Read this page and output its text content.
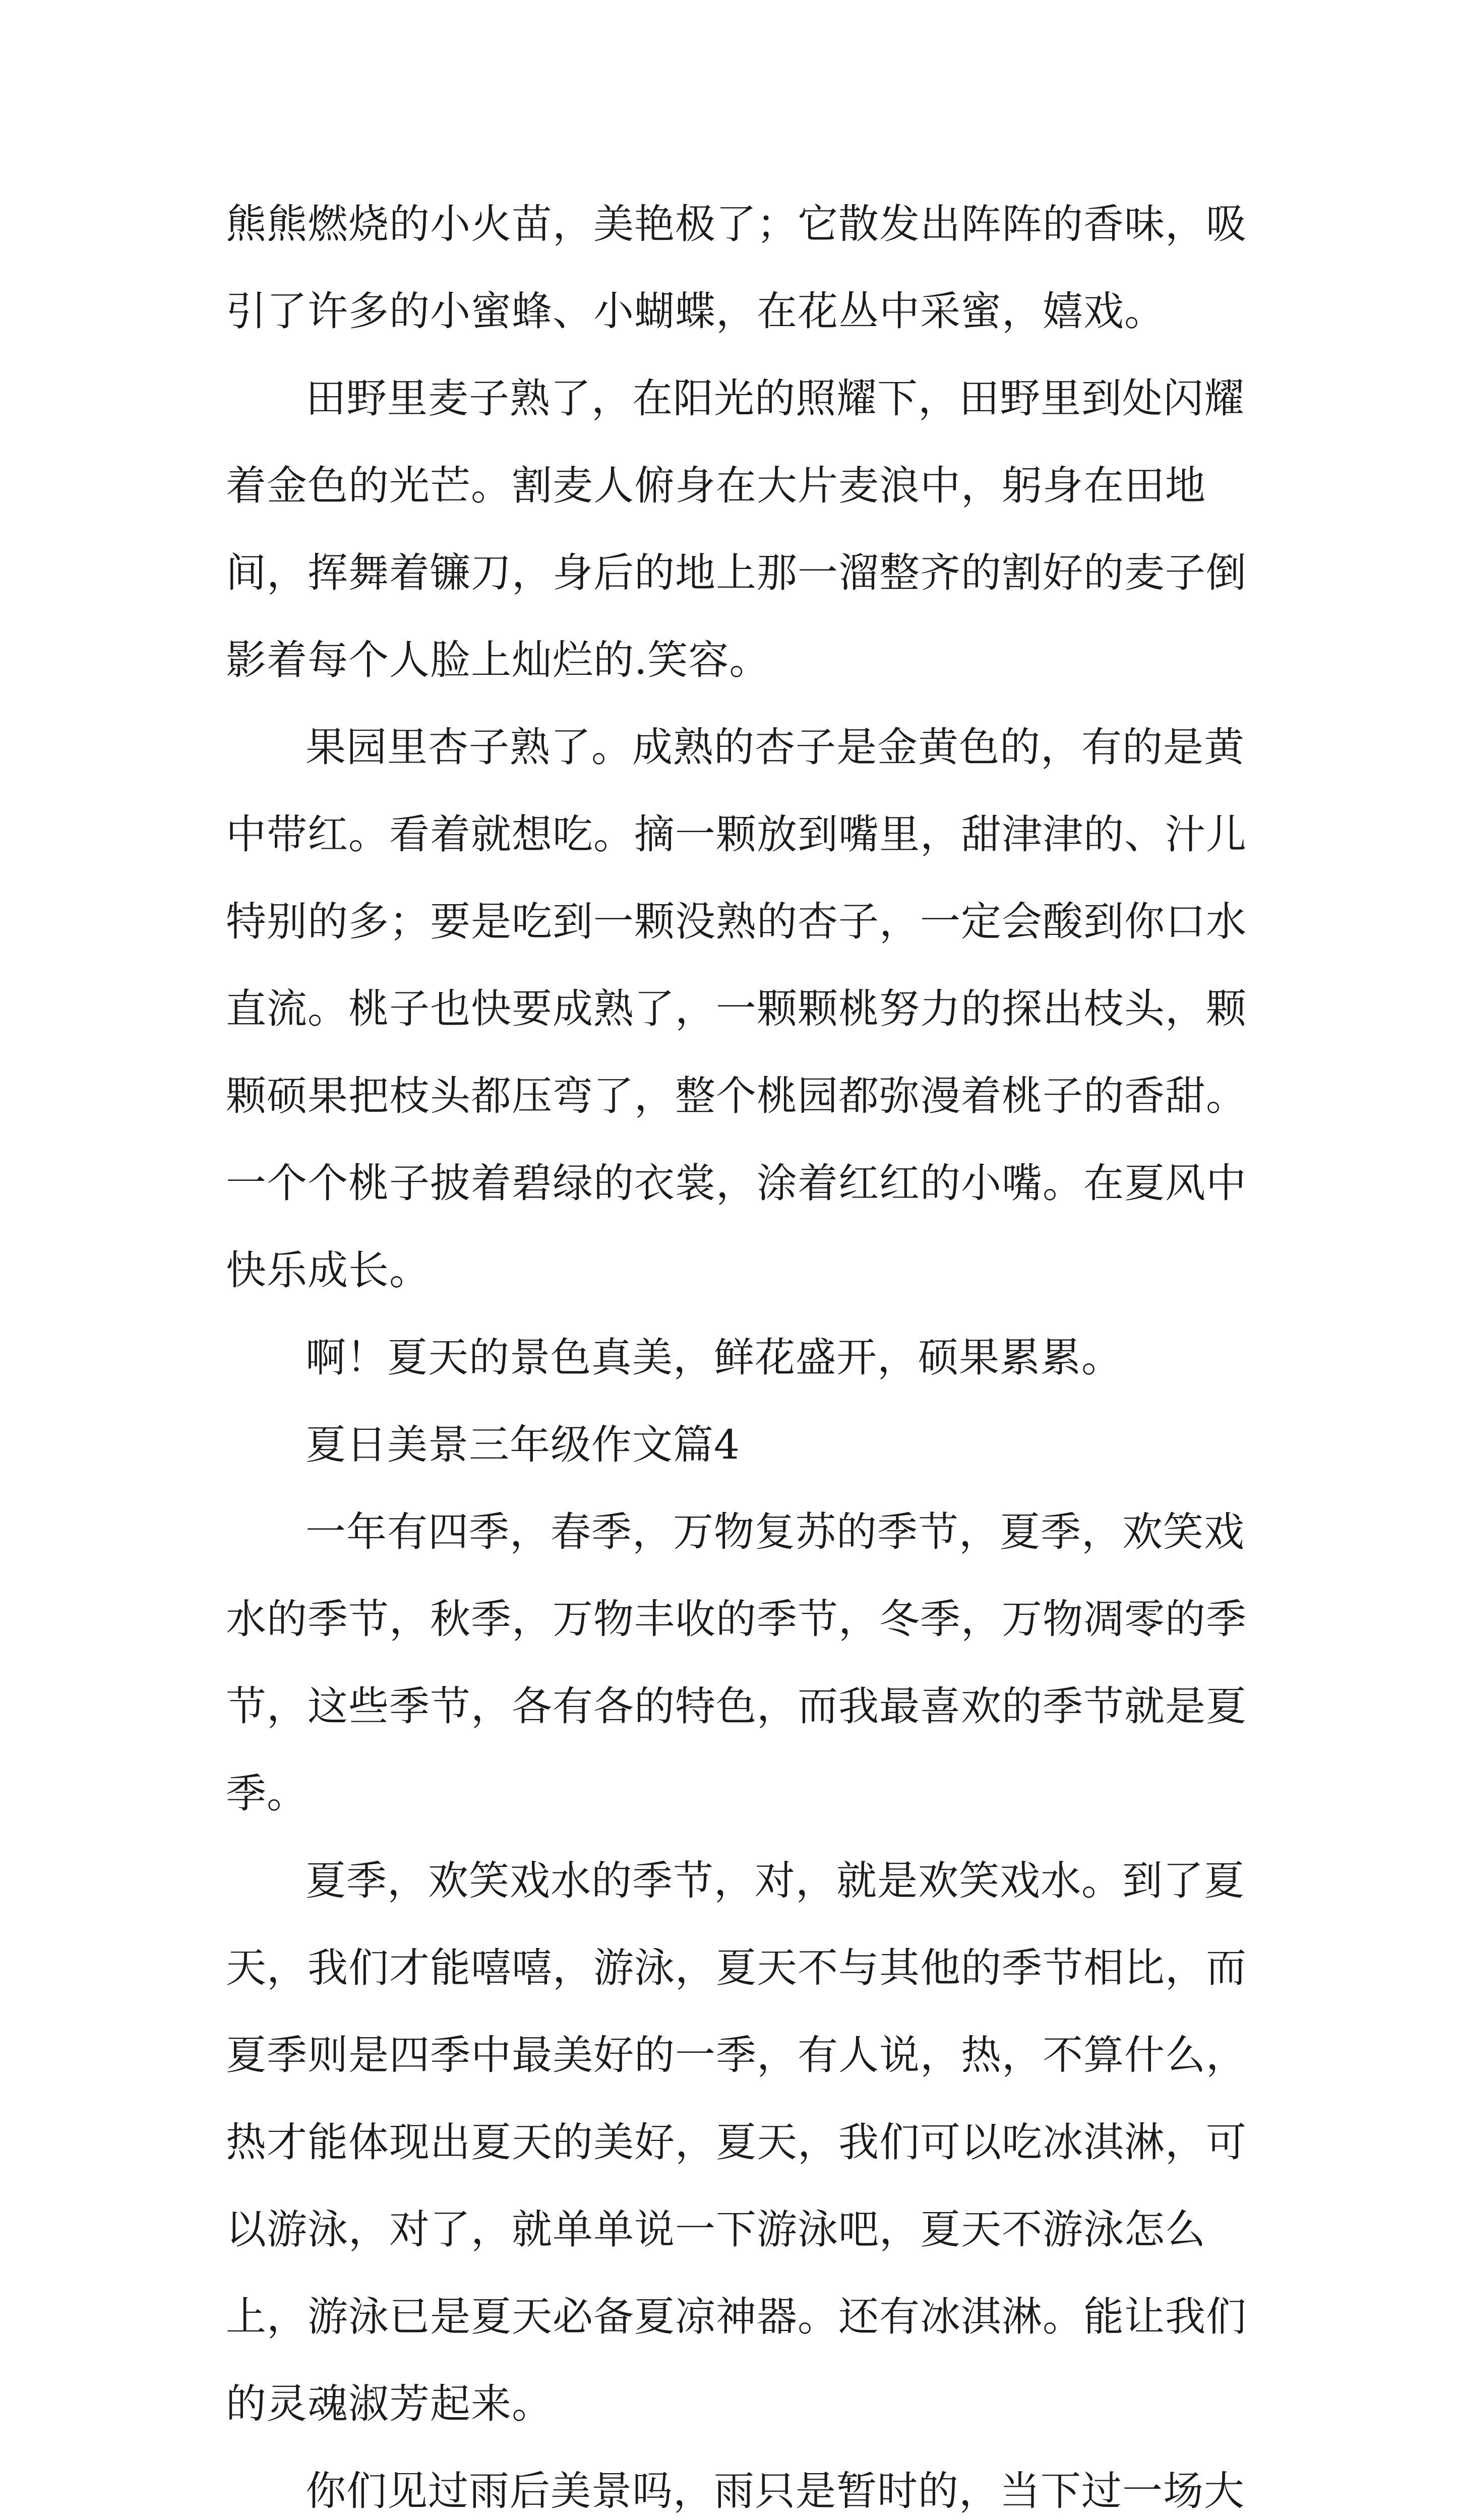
熊熊燃烧的小火苗，美艳极了；它散发出阵阵的香味，吸引了许多的小蜜蜂、小蝴蝶，在花丛中采蜜，嬉戏。

田野里麦子熟了，在阳光的照耀下，田野里到处闪耀着金色的光芒。割麦人俯身在大片麦浪中，躬身在田地间，挥舞着镰刀，身后的地上那一溜整齐的割好的麦子倒影着每个人脸上灿烂的.笑容。

果园里杏子熟了。成熟的杏子是金黄色的，有的是黄中带红。看着就想吃。摘一颗放到嘴里，甜津津的、汁儿特别的多；要是吃到一颗没熟的杏子，一定会酸到你口水直流。桃子也快要成熟了，一颗颗桃努力的探出枝头，颗颗硕果把枝头都压弯了，整个桃园都弥漫着桃子的香甜。一个个桃子披着碧绿的衣裳，涂着红红的小嘴。在夏风中快乐成长。

啊！夏天的景色真美，鲜花盛开，硕果累累。

夏日美景三年级作文篇4

一年有四季，春季，万物复苏的季节，夏季，欢笑戏水的季节，秋季，万物丰收的季节，冬季，万物凋零的季节，这些季节，各有各的特色，而我最喜欢的季节就是夏季。

夏季，欢笑戏水的季节，对，就是欢笑戏水。到了夏天，我们才能嘻嘻，游泳，夏天不与其他的季节相比，而夏季则是四季中最美好的一季，有人说，热，不算什么，热才能体现出夏天的美好，夏天，我们可以吃冰淇淋，可以游泳，对了，就单单说一下游泳吧，夏天不游泳怎么上，游泳已是夏天必备夏凉神器。还有冰淇淋。能让我们的灵魂淑芳起来。

你们见过雨后美景吗，雨只是暂时的，当下过一场大
